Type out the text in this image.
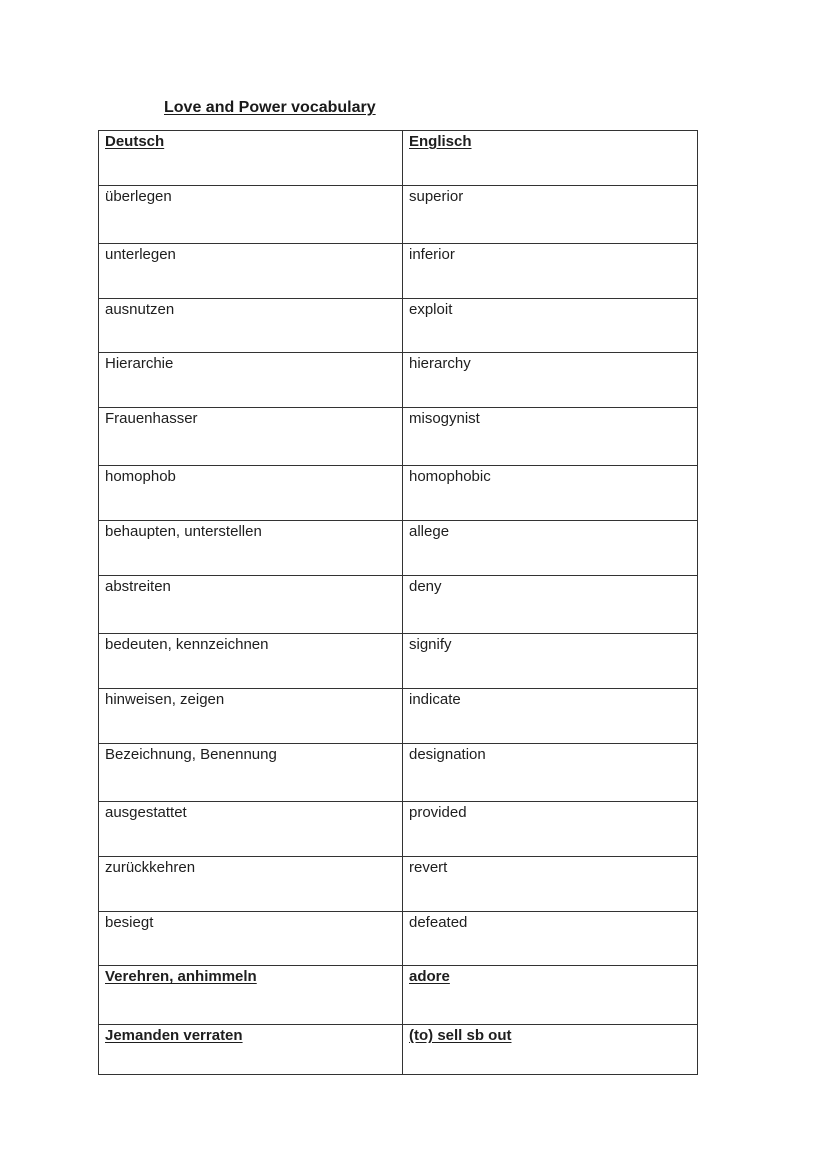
Love and Power vocabulary
Deutsch	Englisch
überlegen	superior
unterlegen	inferior
ausnutzen	exploit
Hierarchie	hierarchy
Frauenhasser	misogynist
homophob	homophobic
behaupten, unterstellen	allege
abstreiten	deny
bedeuten, kennzeichnen	signify
hinweisen, zeigen	indicate
Bezeichnung, Benennung	designation
ausgestattet	provided
zurückkehren	revert
besiegt	defeated
Verehren, anhimmeln	adore
Jemanden verraten	(to) sell sb out
